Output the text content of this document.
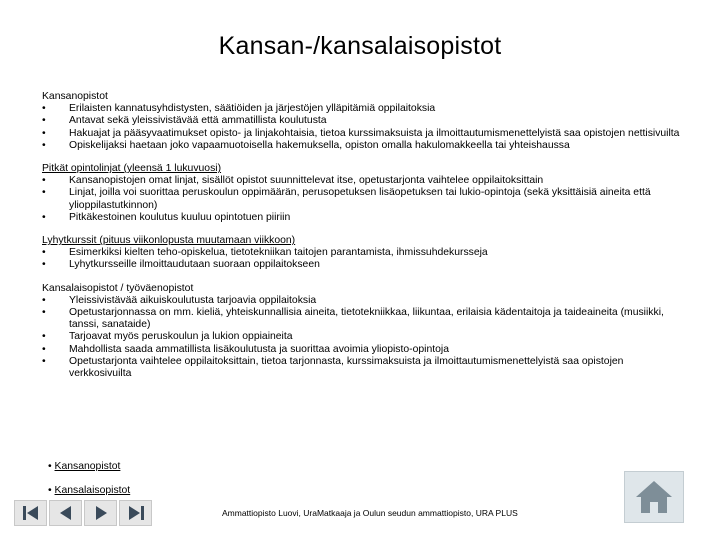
Kansan-/kansalaisopistot
Kansanopistot
• Erilaisten kannatusyhdistysten, säätiöiden ja järjestöjen ylläpitämiä oppilaitoksia
• Antavat sekä yleissivistävää että ammatillista koulutusta
• Hakuajat ja pääsyvaatimukset opisto- ja linjakohtaisia, tietoa kurssimaksuista ja ilmoittautumismenettelyistä saa opistojen nettisivuilta
• Opiskelijaksi haetaan joko vapaamuotoisella hakemuksella, opiston omalla hakulomakkeella tai yhteishaussa
Pitkät opintolinjat (yleensä 1 lukuvuosi)
• Kansanopistojen omat linjat, sisällöt opistot suunnittelevat itse, opetustarjonta vaihtelee oppilaitoksittain
• Linjat, joilla voi suorittaa peruskoulun oppimäärän, perusopetuksen lisäopetuksen tai lukio-opintoja (sekä yksittäisiä aineita että ylioppilastutkinnon)
• Pitkäkestoinen koulutus kuuluu opintotuen piiriin
Lyhytkurssit (pituus viikonlopusta muutamaan viikkoon)
• Esimerkiksi kielten teho-opiskelua, tietotekniikan taitojen parantamista, ihmissuhdekursseja
• Lyhytkursseille ilmoittaudutaan suoraan oppilaitokseen
Kansalaisopistot / työväenopistot
• Yleissivistävää aikuiskoulutusta tarjoavia oppilaitoksia
• Opetustarjonnassa on mm. kieliä, yhteiskunnallisia aineita, tietotekniikkaa, liikuntaa, erilaisia kädentaitoja ja taideaineita (musiikki, tanssi, sanataide)
• Tarjoavat myös peruskoulun ja lukion oppiaineita
• Mahdollista saada ammatillista lisäkoulutusta ja suorittaa avoimia yliopisto-opintoja
• Opetustarjonta vaihtelee oppilaitoksittain, tietoa tarjonnasta, kurssimaksuista ja ilmoittautumismenettelyistä saa opistojen verkkosivuilta
• Kansanopistot
• Kansalaisopistot
Ammattiopisto Luovi, UraMatkaaja ja Oulun seudun ammattiopisto, URA PLUS
